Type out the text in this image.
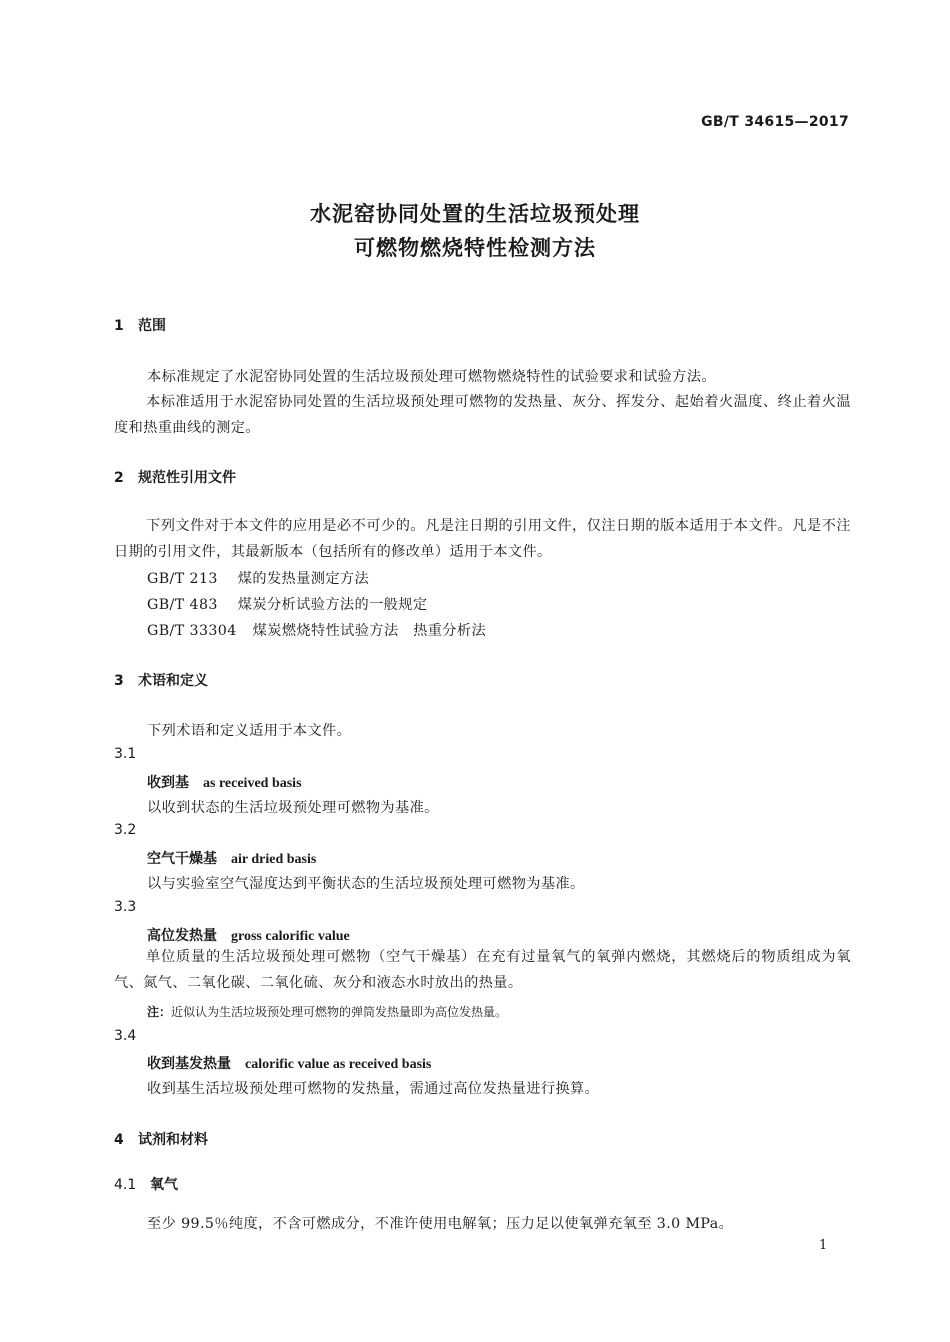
GB/T 34615—2017
水泥窑协同处置的生活垃圾预处理
可燃物燃烧特性检测方法
1 范围
本标准规定了水泥窑协同处置的生活垃圾预处理可燃物燃烧特性的试验要求和试验方法。
本标准适用于水泥窑协同处置的生活垃圾预处理可燃物的发热量、灰分、挥发分、起始着火温度、终止着火温度和热重曲线的测定。
2 规范性引用文件
下列文件对于本文件的应用是必不可少的。凡是注日期的引用文件，仅注日期的版本适用于本文件。凡是不注日期的引用文件，其最新版本（包括所有的修改单）适用于本文件。
GB/T 213 煤的发热量测定方法
GB/T 483 煤炭分析试验方法的一般规定
GB/T 33304 煤炭燃烧特性试验方法　热重分析法
3 术语和定义
下列术语和定义适用于本文件。
3.1
收到基 as received basis
以收到状态的生活垃圾预处理可燃物为基准。
3.2
空气干燥基 air dried basis
以与实验室空气湿度达到平衡状态的生活垃圾预处理可燃物为基准。
3.3
高位发热量 gross calorific value
单位质量的生活垃圾预处理可燃物（空气干燥基）在充有过量氧气的氧弹内燃烧，其燃烧后的物质组成为氧气、氮气、二氧化碳、二氧化硫、灰分和液态水时放出的热量。
注：近似认为生活垃圾预处理可燃物的弹筒发热量即为高位发热量。
3.4
收到基发热量 calorific value as received basis
收到基生活垃圾预处理可燃物的发热量，需通过高位发热量进行换算。
4 试剂和材料
4.1 氧气
至少 99.5％纯度，不含可燃成分，不准许使用电解氧；压力足以使氧弹充氧至 3.0 MPa。
1
